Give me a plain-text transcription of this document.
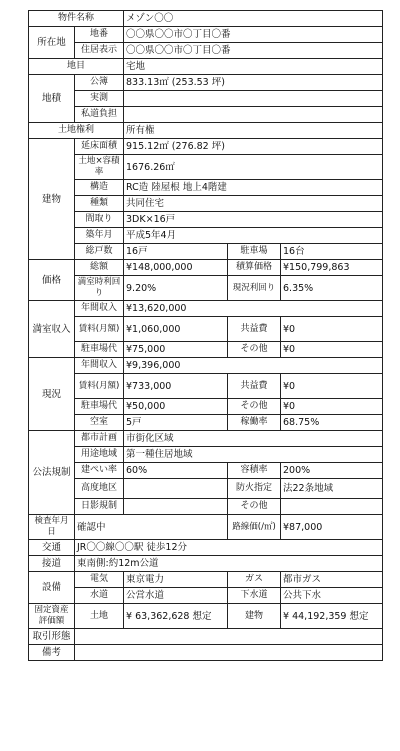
物件名称		メゾン〇〇		
所在地	地番	〇〇県〇〇市〇丁目〇番		
	住居表示	〇〇県〇〇市〇丁目〇番		
地目		宅地		
地積	公簿	833.13㎡ (253.53 坪)		
	実測			
	私道負担			
土地権利		所有権		
建物	延床面積	915.12㎡ (276.82 坪)		
	土地×容積率	1676.26㎡		
	構造	RC造 陸屋根 地上4階建		
	種類	共同住宅		
	間取り	3DK×16戸		
	築年月	平成5年4月		
	総戸数	16戸	駐車場	16台
価格	総額	¥148,000,000	積算価格	¥150,799,863
	満室時利回り	9.20%	現況利回り	6.35%
満室収入	年間収入	¥13,620,000		
	賃料(月額)	¥1,060,000	共益費	¥0
	駐車場代	¥75,000	その他	¥0
現況	年間収入	¥9,396,000		
	賃料(月額)	¥733,000	共益費	¥0
	駐車場代	¥50,000	その他	¥0
	空室	5戸	稼働率	68.75%
公法規制	都市計画	市街化区域		
	用途地域	第一種住居地域		
	建ぺい率	60%	容積率	200%
	高度地区		防火指定	法22条地域

	日影規制		その他	
検査年月日	確認中		路線価(/㎡)	¥87,000
交通	JR〇〇線〇〇駅 徒歩12分			
接道	東南側:約12m公道			
設備	電気	東京電力	ガス	都市ガス
	水道	公営水道	下水道	公共下水
固定資産評価額	土地	¥ 63,362,628 想定	建物	¥ 44,192,359 想定
取引形態				
備考				
